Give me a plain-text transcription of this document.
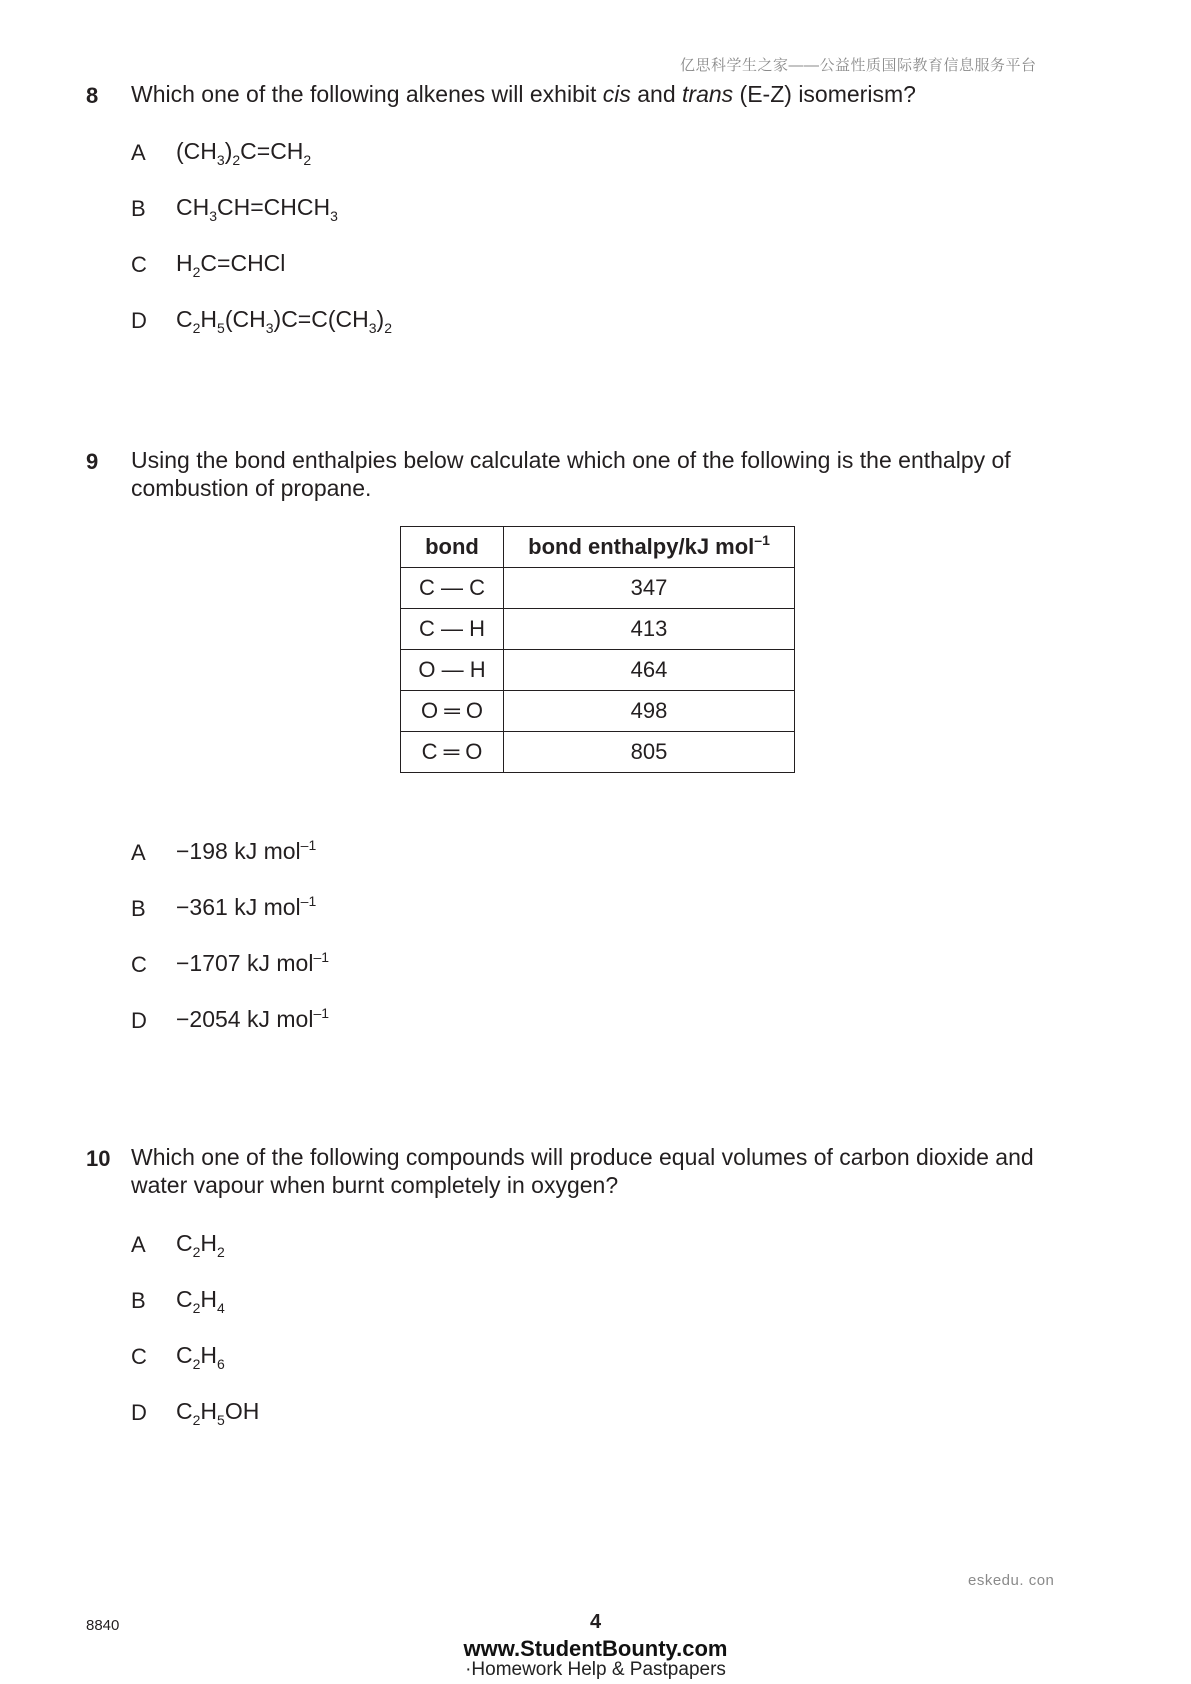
亿思科学生之家——公益性质国际教育信息服务平台
8 Which one of the following alkenes will exhibit cis and trans (E-Z) isomerism?
A $(CH_3)_2C=CH_2$
B $CH_3CH=CHCH_3$
C $H_2C=CHCl$
D $C_2H_5(CH_3)C=C(CH_3)_2$
9 Using the bond enthalpies below calculate which one of the following is the enthalpy of
combustion of propane.
bond	bond enthalpy/kJ mol$^{-1}$
C — C	347
C — H	413
O — H	464
O ═ O	498
C ═ O	805
A −198 kJ mol$^{-1}$
B −361 kJ mol$^{-1}$
C −1707 kJ mol$^{-1}$
D −2054 kJ mol$^{-1}$
10 Which one of the following compounds will produce equal volumes of carbon dioxide and
water vapour when burnt completely in oxygen?
A $C_2H_2$
B $C_2H_4$
C $C_2H_6$
D $C_2H_5OH$
eskedu. con
8840	4
www.StudentBounty.com
·Homework Help & Pastpapers
